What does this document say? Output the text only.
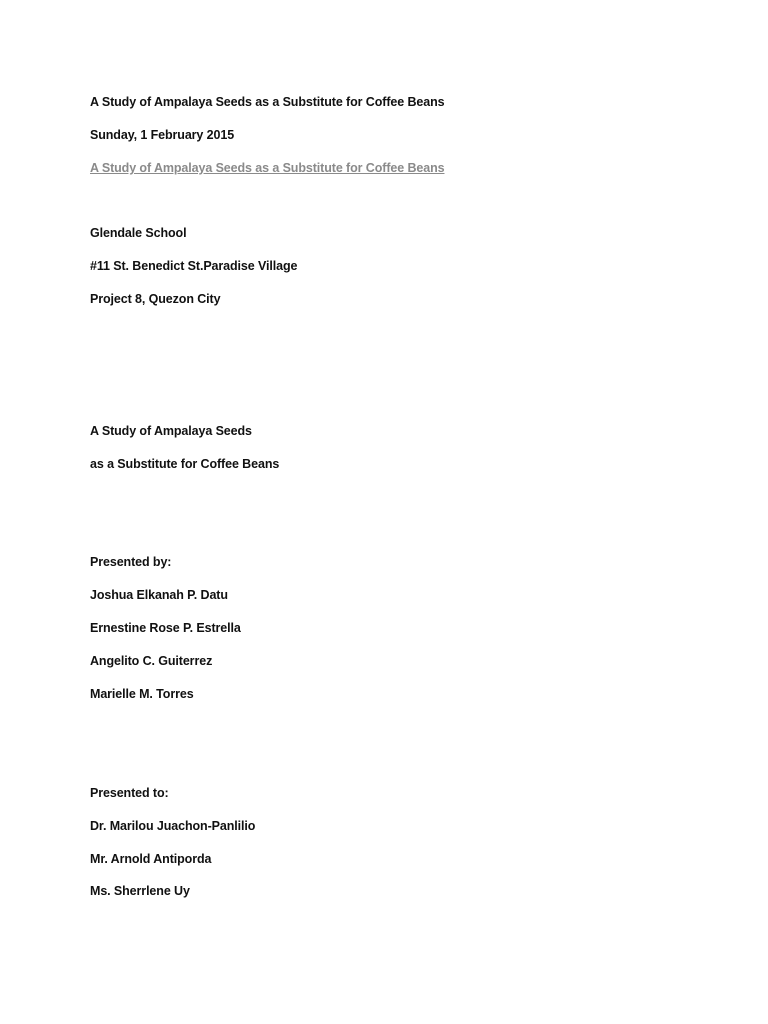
A Study of Ampalaya Seeds as a Substitute for Coffee Beans
Sunday, 1 February 2015
A Study of Ampalaya Seeds as a Substitute for Coffee Beans
Glendale School
#11 St. Benedict St.Paradise Village
Project 8, Quezon City
A Study of Ampalaya Seeds
as a Substitute for Coffee Beans
Presented by:
Joshua Elkanah P. Datu
Ernestine Rose P. Estrella
Angelito C. Guiterrez
Marielle M. Torres
Presented to:
Dr. Marilou Juachon-Panlilio
Mr. Arnold Antiporda
Ms. Sherrlene Uy
